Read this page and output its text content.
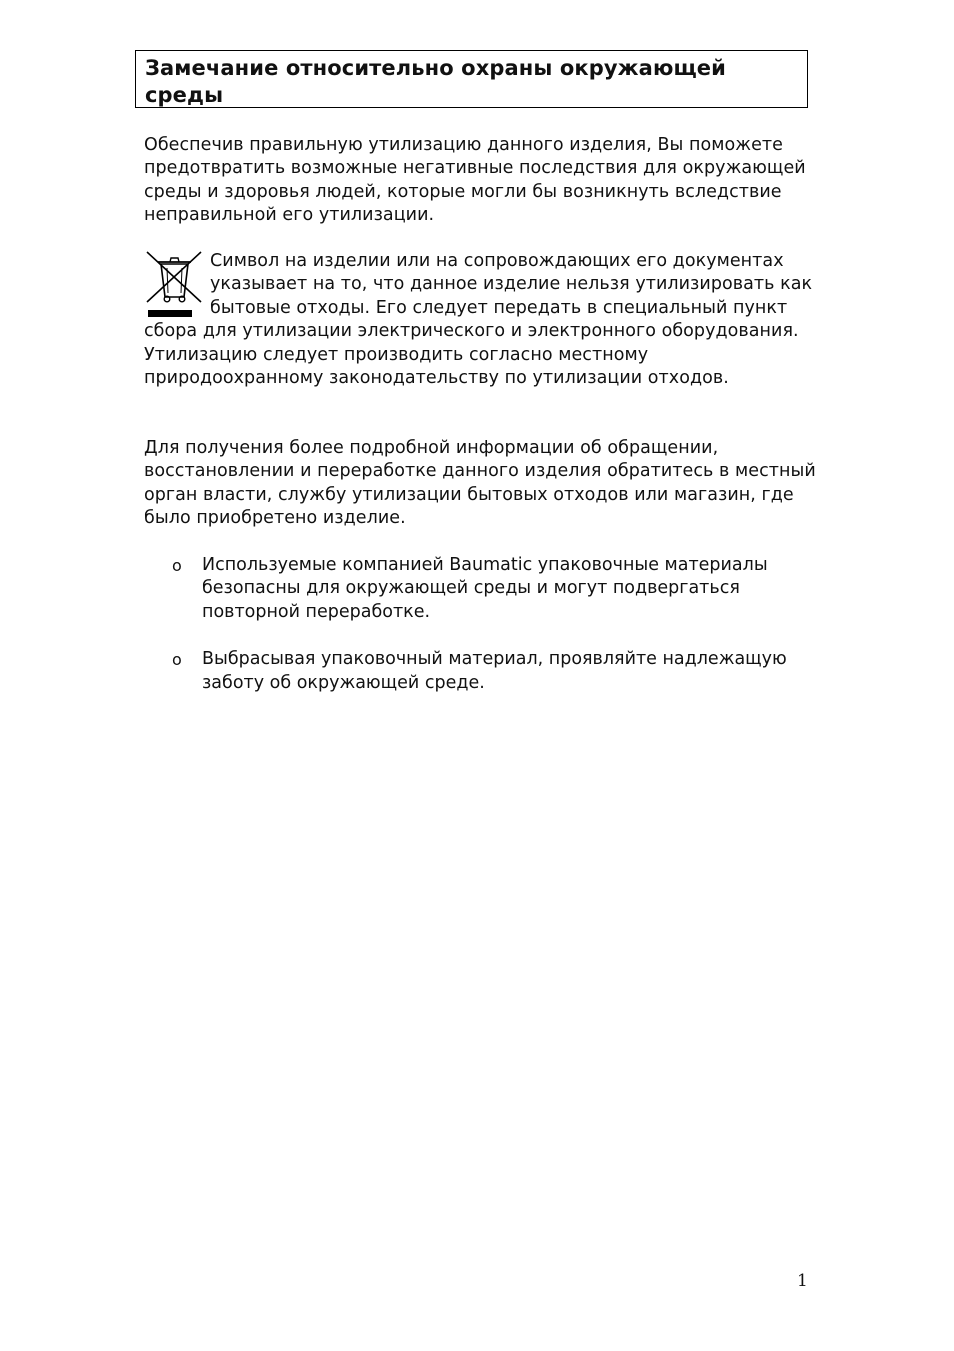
Замечание относительно охраны окружающей среды

Обеспечив правильную утилизацию данного изделия, Вы поможете предотвратить возможные негативные последствия для окружающей среды и здоровья людей, которые могли бы возникнуть вследствие неправильной его утилизации.

Символ на изделии или на сопровождающих его документах указывает на то, что данное изделие нельзя утилизировать как бытовые отходы. Его следует передать в специальный пункт сбора для утилизации электрического и электронного оборудования.
Утилизацию следует производить согласно местному природоохранному законодательству по утилизации отходов.

Для получения более подробной информации об обращении, восстановлении и переработке данного изделия обратитесь в местный орган власти, службу утилизации бытовых отходов или магазин, где было приобретено изделие.

o Используемые компанией Baumatic упаковочные материалы безопасны для окружающей среды и могут подвергаться повторной переработке.
o Выбрасывая упаковочный материал, проявляйте надлежащую заботу об окружающей среде.
1
